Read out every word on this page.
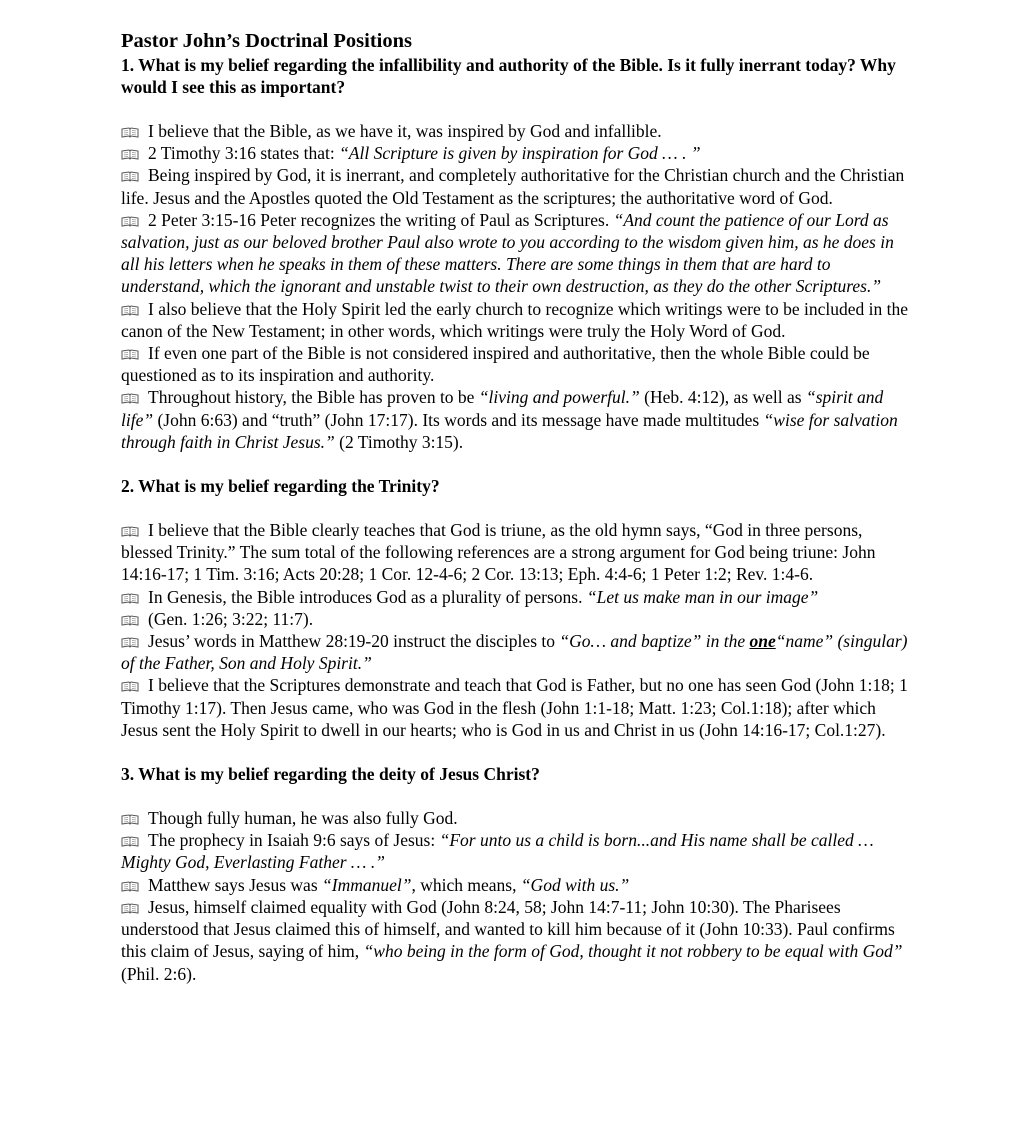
Pastor John’s Doctrinal Positions

1. What is my belief regarding the infallibility and authority of the Bible. Is it fully inerrant today? Why would I see this as important?

I believe that the Bible, as we have it, was inspired by God and infallible.

2 Timothy 3:16 states that: “All Scripture is given by inspiration for God … . ”

Being inspired by God, it is inerrant, and completely authoritative for the Christian church and the Christian life. Jesus and the Apostles quoted the Old Testament as the scriptures; the authoritative word of God.

2 Peter 3:15-16 Peter recognizes the writing of Paul as Scriptures. “And count the patience of our Lord as salvation, just as our beloved brother Paul also wrote to you according to the wisdom given him, as he does in all his letters when he speaks in them of these matters. There are some things in them that are hard to understand, which the ignorant and unstable twist to their own destruction, as they do the other Scriptures.”

I also believe that the Holy Spirit led the early church to recognize which writings were to be included in the canon of the New Testament; in other words, which writings were truly the Holy Word of God.

If even one part of the Bible is not considered inspired and authoritative, then the whole Bible could be questioned as to its inspiration and authority.

Throughout history, the Bible has proven to be “living and powerful.” (Heb. 4:12), as well as “spirit and life” (John 6:63) and “truth” (John 17:17). Its words and its message have made multitudes “wise for salvation through faith in Christ Jesus.” (2 Timothy 3:15).

2. What is my belief regarding the Trinity?

I believe that the Bible clearly teaches that God is triune, as the old hymn says, “God in three persons, blessed Trinity.” The sum total of the following references are a strong argument for God being triune: John 14:16-17; 1 Tim. 3:16; Acts 20:28; 1 Cor. 12-4-6; 2 Cor. 13:13; Eph. 4:4-6; 1 Peter 1:2; Rev. 1:4-6.

In Genesis, the Bible introduces God as a plurality of persons. “Let us make man in our image”

(Gen. 1:26; 3:22; 11:7).

Jesus’ words in Matthew 28:19-20 instruct the disciples to “Go… and baptize” in the one“name” (singular) of the Father, Son and Holy Spirit.”

I believe that the Scriptures demonstrate and teach that God is Father, but no one has seen God (John 1:18; 1 Timothy 1:17). Then Jesus came, who was God in the flesh (John 1:1-18; Matt. 1:23; Col.1:18); after which Jesus sent the Holy Spirit to dwell in our hearts; who is God in us and Christ in us (John 14:16-17; Col.1:27).

3. What is my belief regarding the deity of Jesus Christ?

Though fully human, he was also fully God.

The prophecy in Isaiah 9:6 says of Jesus: “For unto us a child is born...and His name shall be called … Mighty God, Everlasting Father … .”

Matthew says Jesus was “Immanuel”, which means, “God with us.”

Jesus, himself claimed equality with God (John 8:24, 58; John 14:7-11; John 10:30). The Pharisees understood that Jesus claimed this of himself, and wanted to kill him because of it (John 10:33). Paul confirms this claim of Jesus, saying of him, “who being in the form of God, thought it not robbery to be equal with God” (Phil. 2:6).
